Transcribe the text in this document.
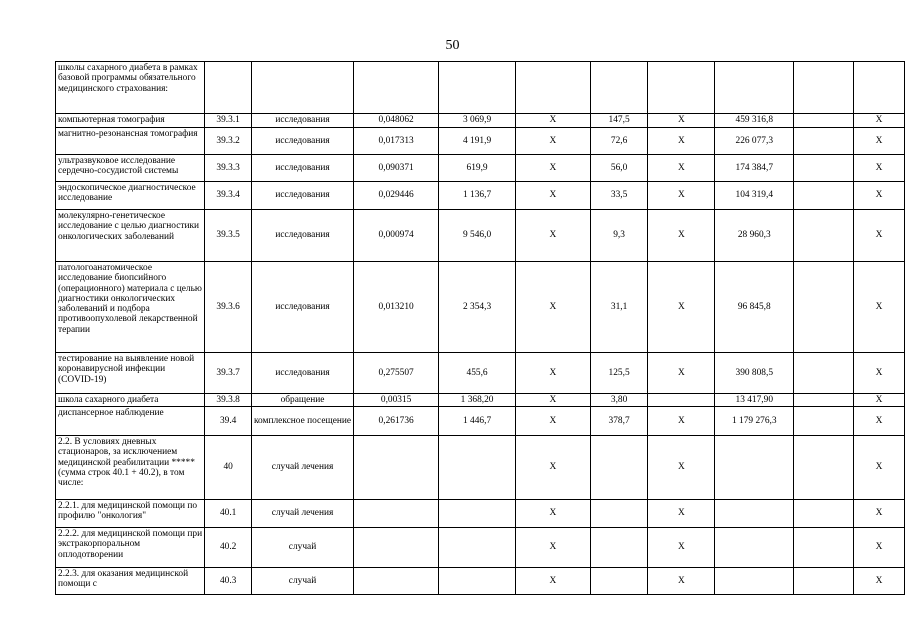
50
школы сахарного диабета в рамках базовой программы обязательного медицинского страхования:										
компьютерная томография	39.3.1	исследования	0,048062	3 069,9	X	147,5	X	459 316,8		X
магнитно-резонансная томография	39.3.2	исследования	0,017313	4 191,9	X	72,6	X	226 077,3		X
ультразвуковое исследование сердечно-сосудистой системы	39.3.3	исследования	0,090371	619,9	X	56,0	X	174 384,7		X
эндоскопическое диагностическое исследование	39.3.4	исследования	0,029446	1 136,7	X	33,5	X	104 319,4		X
молекулярно-генетическое исследование с целью диагностики онкологических заболеваний	39.3.5	исследования	0,000974	9 546,0	X	9,3	X	28 960,3		X
патологоанатомическое исследование биопсийного (операционного) материала с целью диагностики онкологических заболеваний и подбора противоопухолевой лекарственной терапии	39.3.6	исследования	0,013210	2 354,3	X	31,1	X	96 845,8		X
тестирование на выявление новой коронавирусной инфекции (COVID-19)	39.3.7	исследования	0,275507	455,6	X	125,5	X	390 808,5		X
школа сахарного диабета	39.3.8	обращение	0,00315	1 368,20	X	3,80		13 417,90		X
диспансерное наблюдение	39.4	комплексное посещение	0,261736	1 446,7	X	378,7	X	1 179 276,3		X
2.2. В условиях дневных стационаров, за исключением медицинской реабилитации ***** (сумма строк 40.1 + 40.2), в том числе:	40	случай лечения			X		X			X
2.2.1. для медицинской помощи по профилю "онкология"	40.1	случай лечения			X		X			X
2.2.2. для медицинской помощи при экстракорпоральном оплодотворении	40.2	случай			X		X			X
2.2.3. для оказания медицинской помощи с	40.3	случай			X		X			X
